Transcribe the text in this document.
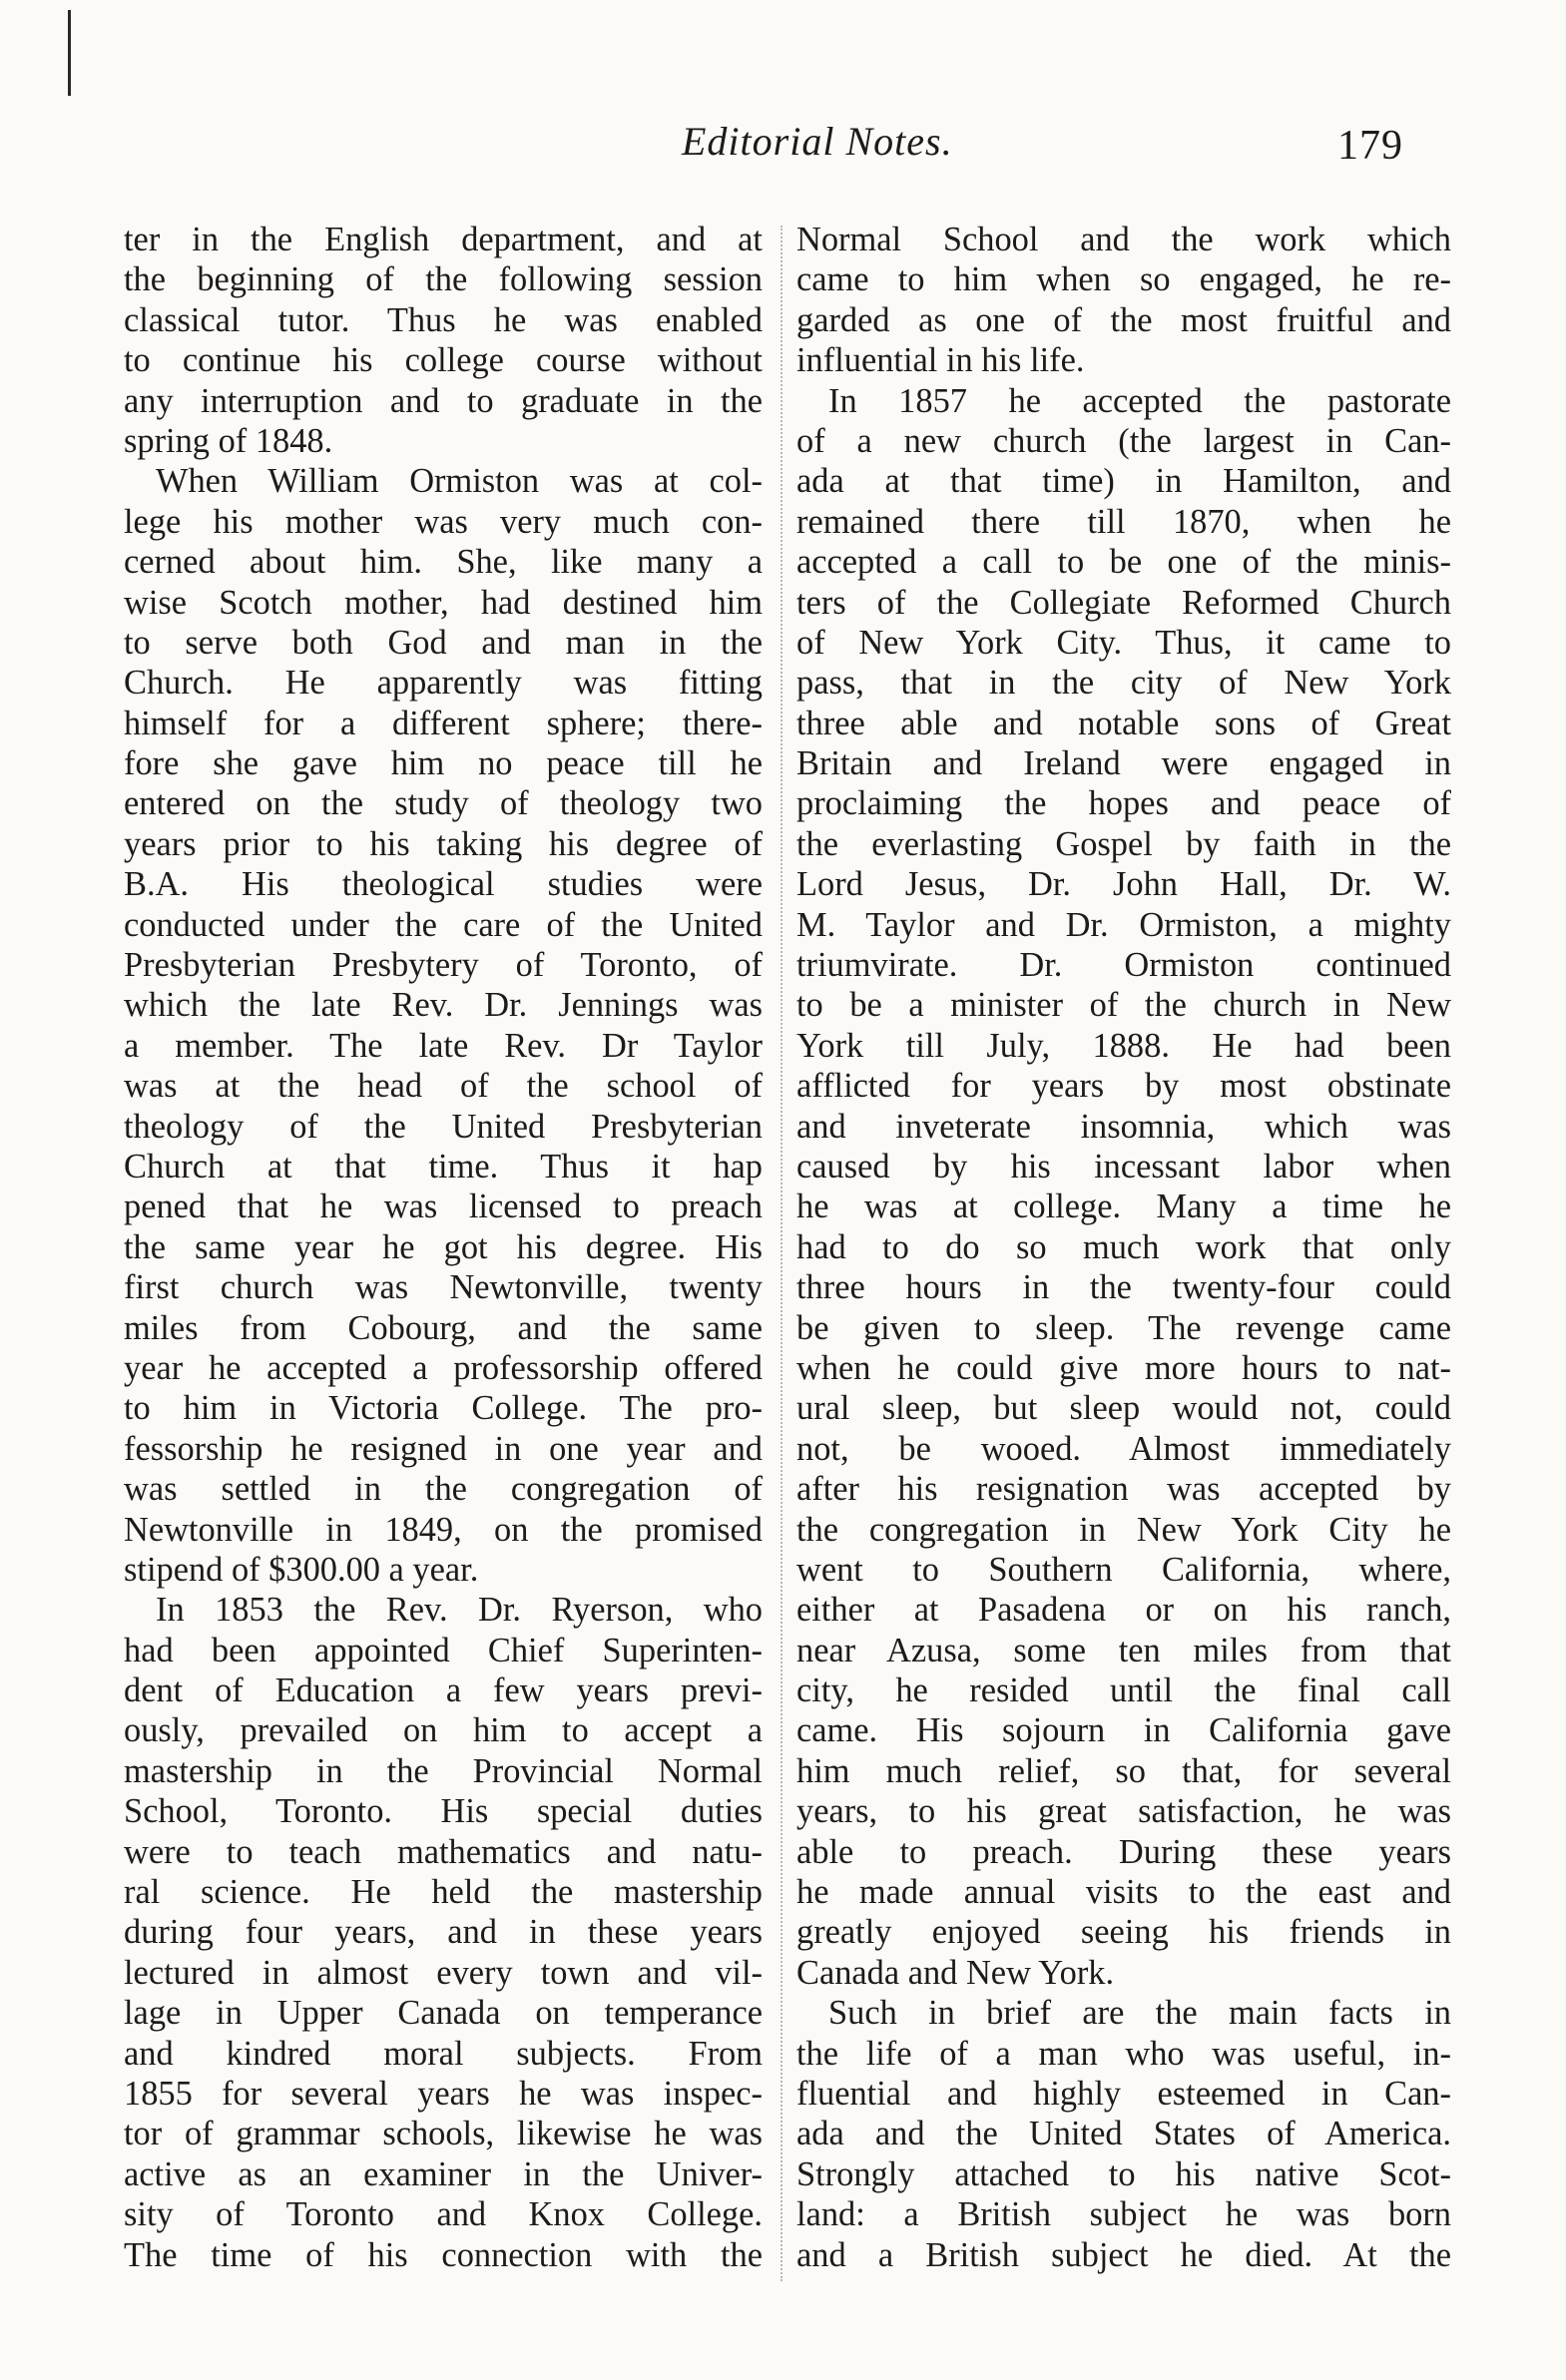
Editorial Notes.	179
ter in the English department, and at
the beginning of the following session
classical tutor. Thus he was enabled
to continue his college course without
any interruption and to graduate in the
spring of 1848.
When William Ormiston was at col-
lege his mother was very much con-
cerned about him. She, like many a
wise Scotch mother, had destined him
to serve both God and man in the
Church. He apparently was fitting
himself for a different sphere; there-
fore she gave him no peace till he
entered on the study of theology two
years prior to his taking his degree of
B.A. His theological studies were
conducted under the care of the United
Presbyterian Presbytery of Toronto, of
which the late Rev. Dr. Jennings was
a member. The late Rev. Dr Taylor
was at the head of the school of
theology of the United Presbyterian
Church at that time. Thus it hap
pened that he was licensed to preach
the same year he got his degree. His
first church was Newtonville, twenty
miles from Cobourg, and the same
year he accepted a professorship offered
to him in Victoria College. The pro-
fessorship he resigned in one year and
was settled in the congregation of
Newtonville in 1849, on the promised
stipend of $300.00 a year.
In 1853 the Rev. Dr. Ryerson, who
had been appointed Chief Superinten-
dent of Education a few years previ-
ously, prevailed on him to accept a
mastership in the Provincial Normal
School, Toronto. His special duties
were to teach mathematics and natu-
ral science. He held the mastership
during four years, and in these years
lectured in almost every town and vil-
lage in Upper Canada on temperance
and kindred moral subjects. From
1855 for several years he was inspec-
tor of grammar schools, likewise he was
active as an examiner in the Univer-
sity of Toronto and Knox College.
The time of his connection with the
Normal School and the work which
came to him when so engaged, he re-
garded as one of the most fruitful and
influential in his life.
In 1857 he accepted the pastorate
of a new church (the largest in Can-
ada at that time) in Hamilton, and
remained there till 1870, when he
accepted a call to be one of the minis-
ters of the Collegiate Reformed Church
of New York City. Thus, it came to
pass, that in the city of New York
three able and notable sons of Great
Britain and Ireland were engaged in
proclaiming the hopes and peace of
the everlasting Gospel by faith in the
Lord Jesus, Dr. John Hall, Dr. W.
M. Taylor and Dr. Ormiston, a mighty
triumvirate. Dr. Ormiston continued
to be a minister of the church in New
York till July, 1888. He had been
afflicted for years by most obstinate
and inveterate insomnia, which was
caused by his incessant labor when
he was at college. Many a time he
had to do so much work that only
three hours in the twenty-four could
be given to sleep. The revenge came
when he could give more hours to nat-
ural sleep, but sleep would not, could
not, be wooed. Almost immediately
after his resignation was accepted by
the congregation in New York City he
went to Southern California, where,
either at Pasadena or on his ranch,
near Azusa, some ten miles from that
city, he resided until the final call
came. His sojourn in California gave
him much relief, so that, for several
years, to his great satisfaction, he was
able to preach. During these years
he made annual visits to the east and
greatly enjoyed seeing his friends in
Canada and New York.
Such in brief are the main facts in
the life of a man who was useful, in-
fluential and highly esteemed in Can-
ada and the United States of America.
Strongly attached to his native Scot-
land: a British subject he was born
and a British subject he died. At the
